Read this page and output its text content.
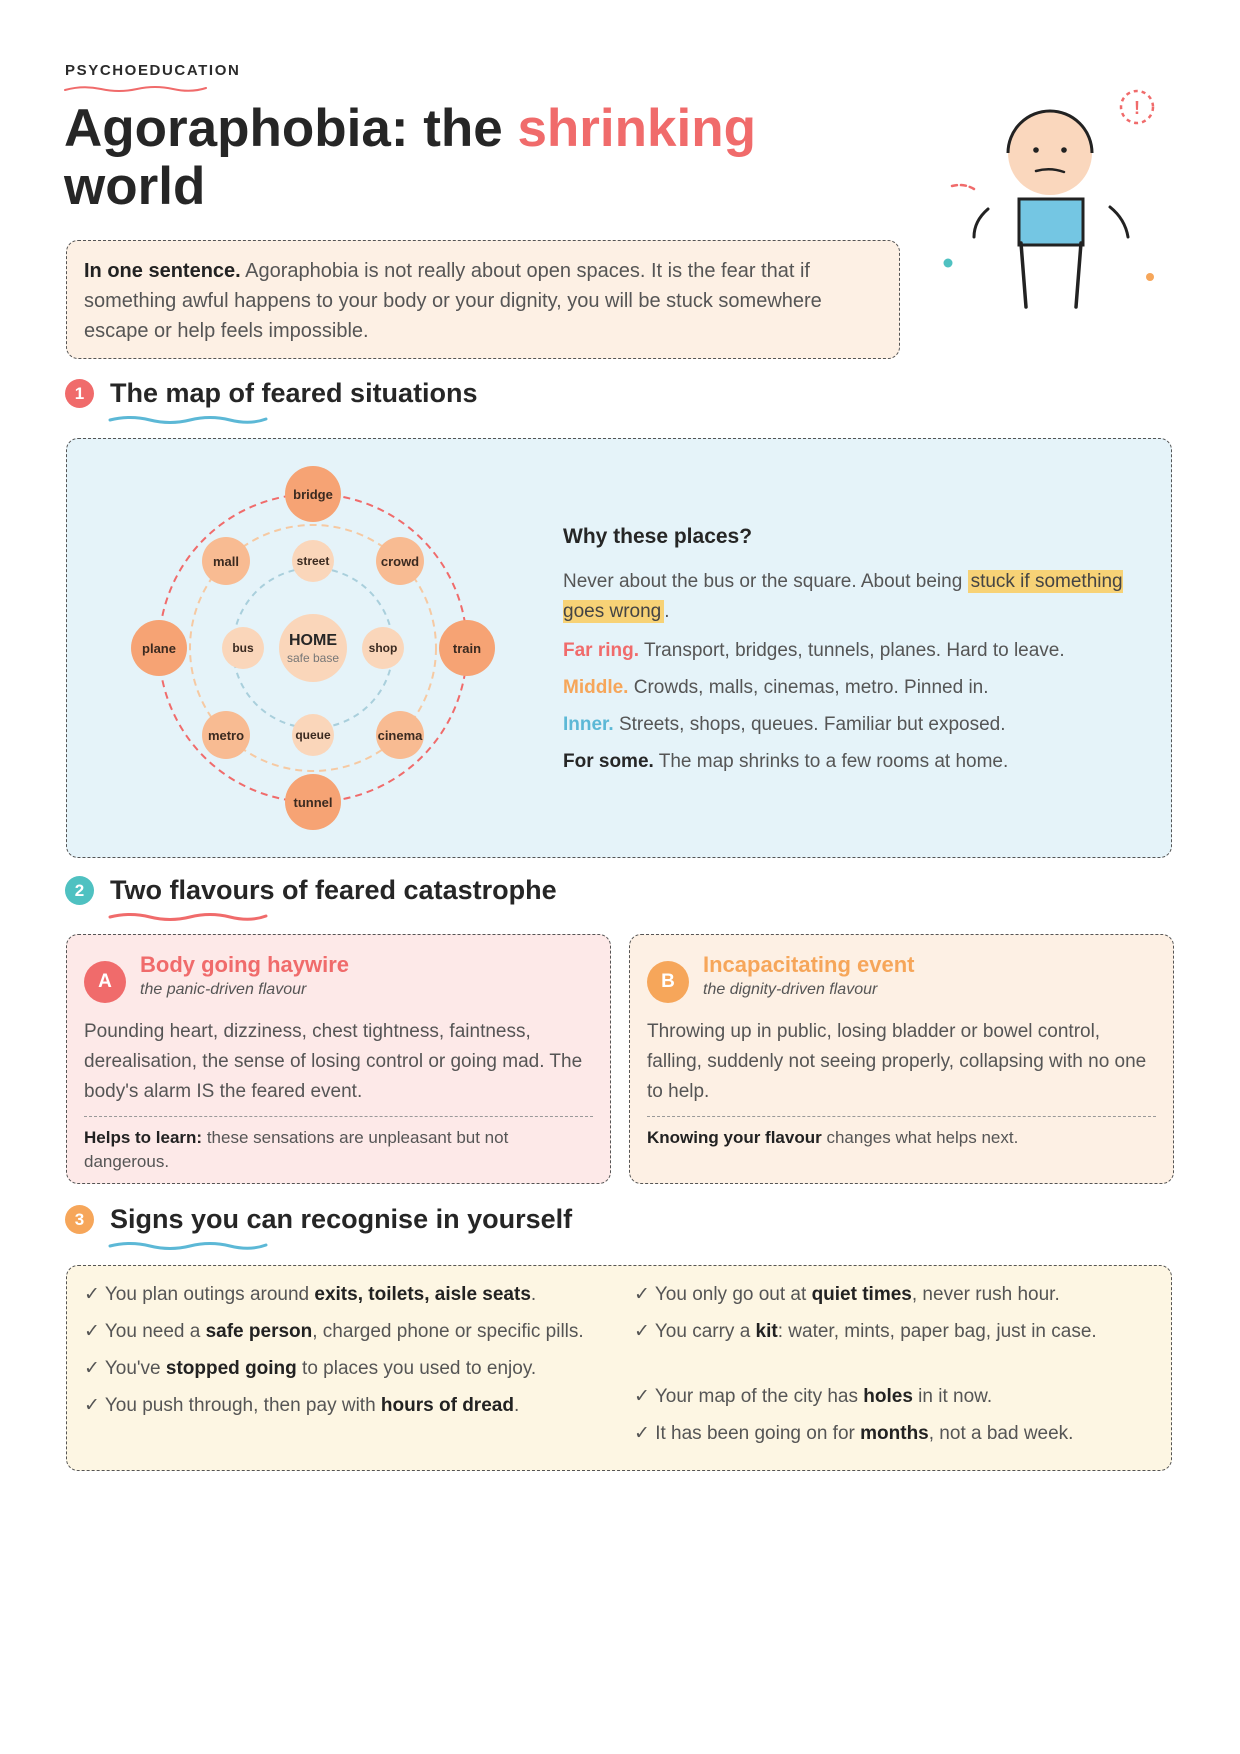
PSYCHOEDUCATION
Agoraphobia: the shrinking
world
In one sentence. Agoraphobia is not really about open spaces. It is the fear that if something awful happens to your body or your dignity, you will be stuck somewhere escape or help feels impossible.
!
1 The map of feared situations
HOME
safe base
bridge
train
tunnel
plane
crowd
cinema
metro
mall	street
shop
queue
bus
Why these places?
Never about the bus or the square. About being stuck if something goes wrong .
Far ring. Transport, bridges, tunnels, planes. Hard to leave.
Middle. Crowds, malls, cinemas, metro. Pinned in.
Inner. Streets, shops, queues. Familiar but exposed.
For some. The map shrinks to a few rooms at home.
2 Two flavours of feared catastrophe
A
Body going haywire
the panic-driven flavour
Pounding heart, dizziness, chest tightness, faintness, derealisation, the sense of losing control or going mad. The body's alarm IS the feared event.
Helps to learn: these sensations are unpleasant but not dangerous.
B
Incapacitating event
the dignity-driven flavour
Throwing up in public, losing bladder or bowel control, falling, suddenly not seeing properly, collapsing with no one to help.
Knowing your flavour changes what helps next.
3 Signs you can recognise in yourself
✓ You plan outings around exits, toilets, aisle seats.
✓ You need a safe person, charged phone or specific pills.
✓ You've stopped going to places you used to enjoy.
✓ You push through, then pay with hours of dread.
✓ You only go out at quiet times, never rush hour.
✓ You carry a kit: water, mints, paper bag, just in case.
✓ Your map of the city has holes in it now.
✓ It has been going on for months, not a bad week.
